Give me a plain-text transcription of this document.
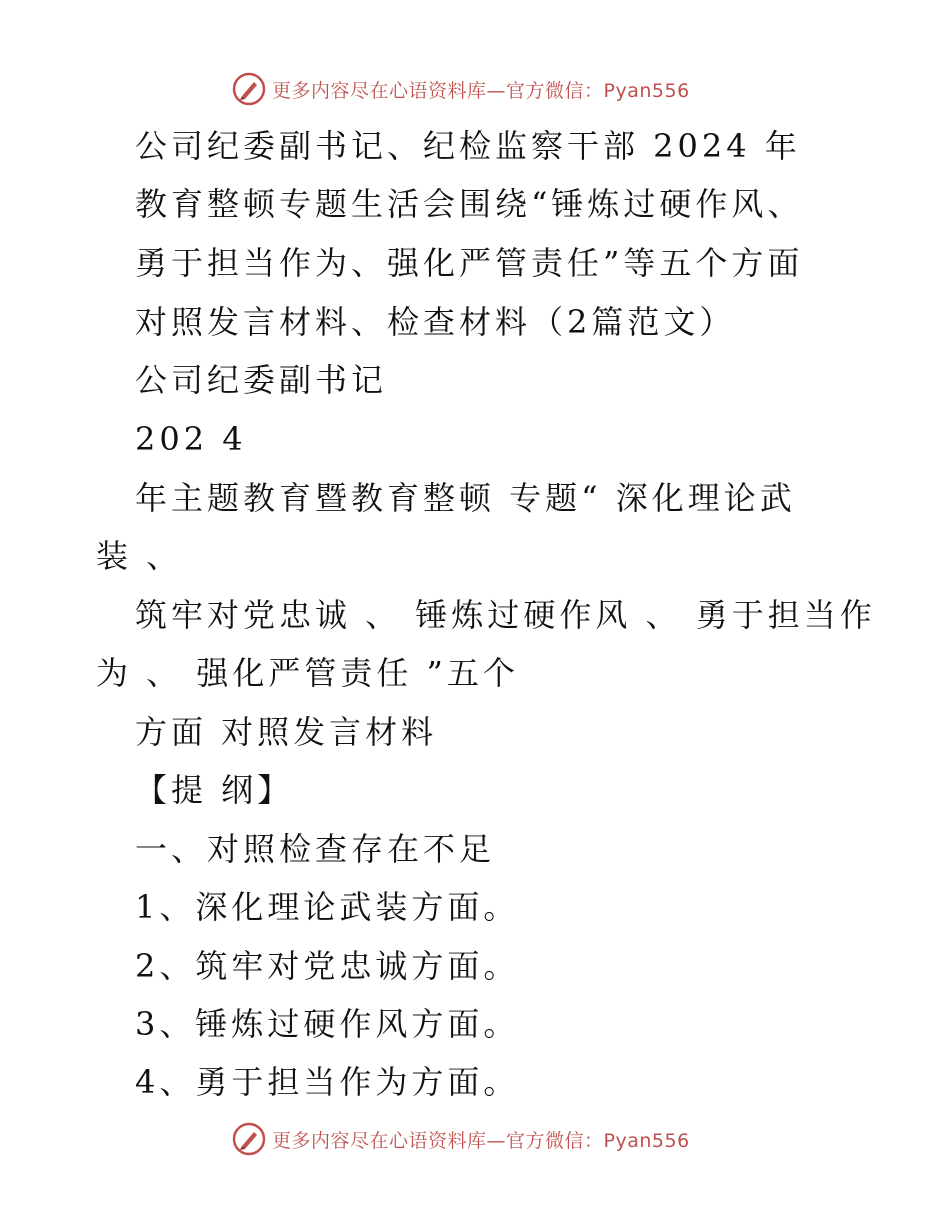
更多内容尽在心语资料库—官方微信：Pyan556
公司纪委副书记、纪检监察干部 2024 年
教育整顿专题生活会围绕“锤炼过硬作风、
勇于担当作为、强化严管责任”等五个方面
对照发言材料、检查材料（2篇范文）
公司纪委副书记
202 4
年主题教育暨教育整顿 专题“ 深化理论武
装 、
筑牢对党忠诚 、 锤炼过硬作风 、 勇于担当作
为 、 强化严管责任 ”五个
方面 对照发言材料
【提 纲】
一、对照检查存在不足
1、深化理论武装方面。
2、筑牢对党忠诚方面。
3、锤炼过硬作风方面。
4、勇于担当作为方面。
更多内容尽在心语资料库—官方微信：Pyan556
